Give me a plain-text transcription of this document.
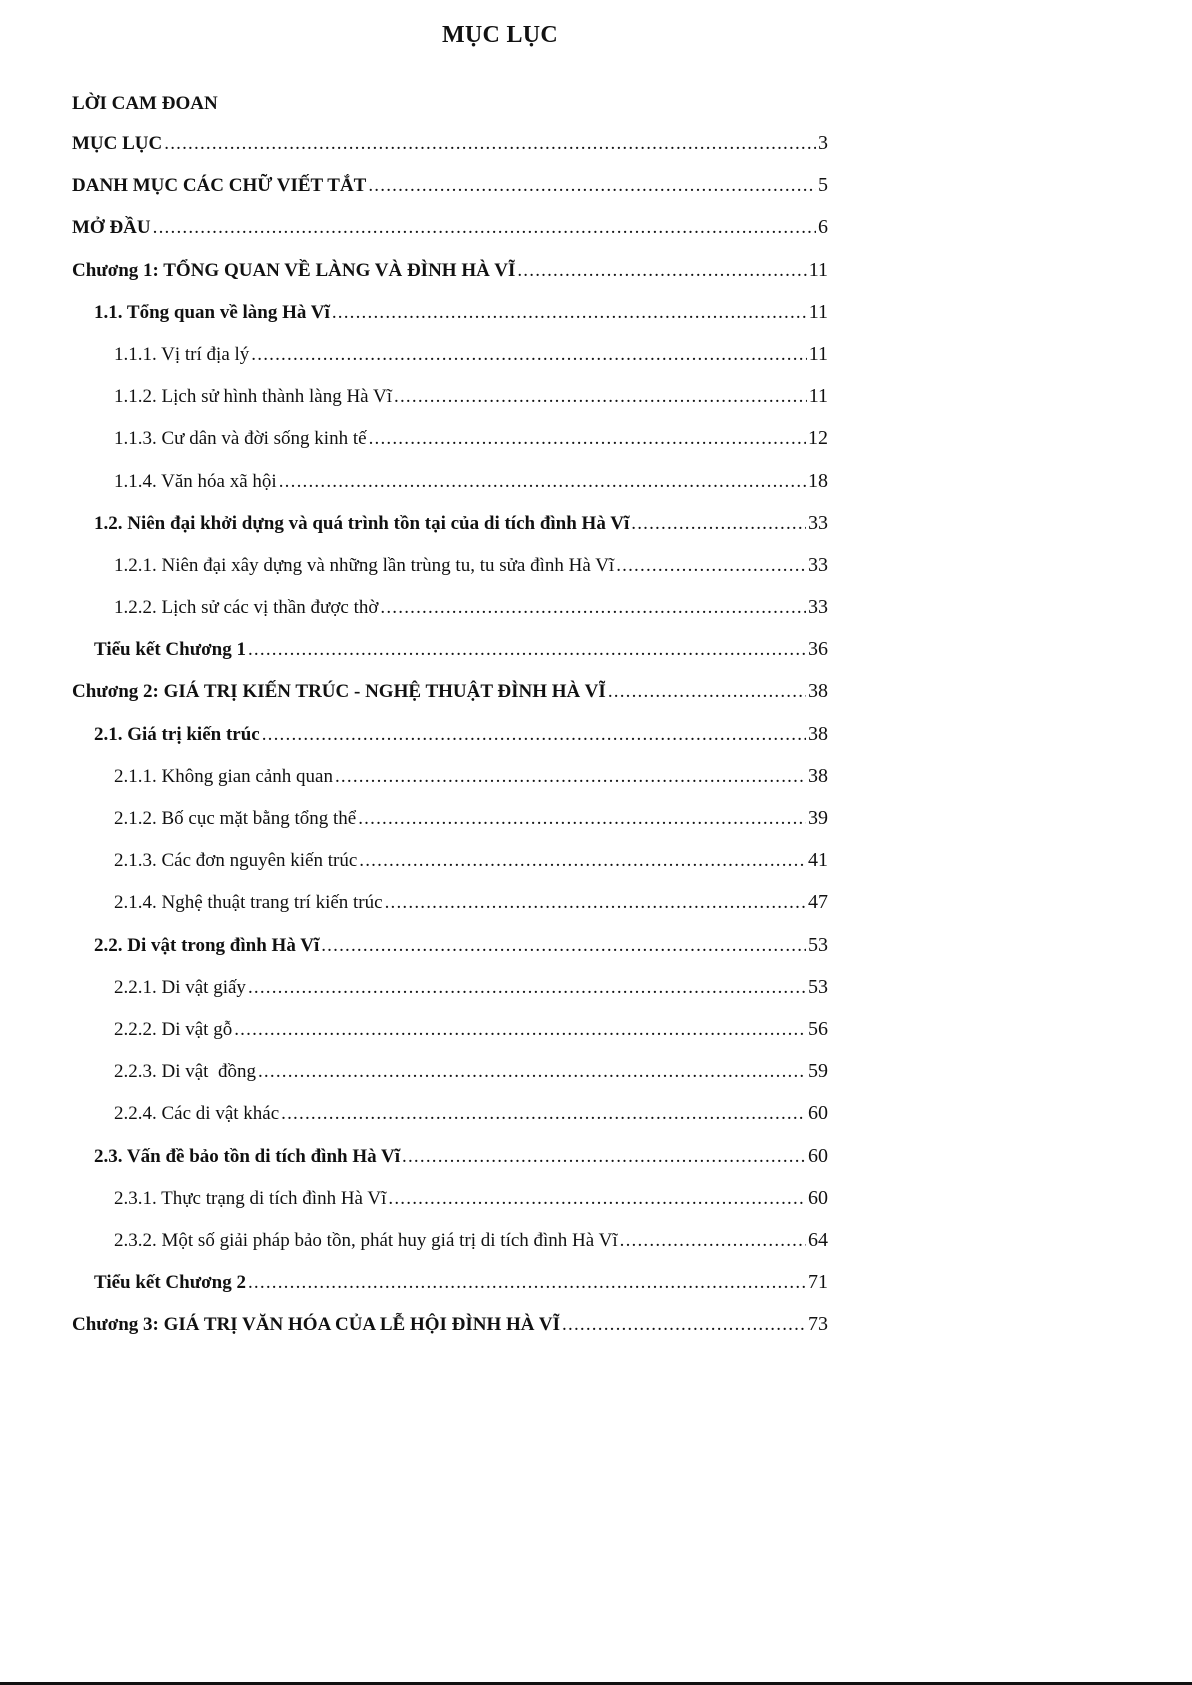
MỤC LỤC
LỜI CAM ĐOAN
MỤC LỤC .....	3
DANH MỤC CÁC CHỮ VIẾT TẮT .....	5
MỞ ĐẦU .....	6
Chương 1: TỔNG QUAN VỀ LÀNG VÀ ĐÌNH HÀ VĨ .....	11
1.1. Tổng quan về làng Hà Vĩ .....	11
1.1.1. Vị trí địa lý .....	11
1.1.2. Lịch sử hình thành làng Hà Vĩ .....	11
1.1.3. Cư dân và đời sống kinh tế .....	12
1.1.4. Văn hóa xã hội .....	18
1.2. Niên đại khởi dựng và quá trình tồn tại của di tích đình Hà Vĩ .....	33
1.2.1. Niên đại xây dựng và những lần trùng tu, tu sửa đình Hà Vĩ .....	33
1.2.2. Lịch sử các vị thần được thờ .....	33
Tiểu kết Chương 1 .....	36
Chương 2: GIÁ TRỊ KIẾN TRÚC - NGHỆ THUẬT ĐÌNH HÀ VĨ .....	38
2.1. Giá trị kiến trúc .....	38
2.1.1. Không gian cảnh quan .....	38
2.1.2. Bố cục mặt bằng tổng thể .....	39
2.1.3. Các đơn nguyên kiến trúc .....	41
2.1.4. Nghệ thuật trang trí kiến trúc .....	47
2.2. Di vật trong đình Hà Vĩ .....	53
2.2.1. Di vật giấy .....	53
2.2.2. Di vật gỗ .....	56
2.2.3. Di vật  đồng .....	59
2.2.4. Các di vật khác .....	60
2.3. Vấn đề bảo tồn di tích đình Hà Vĩ .....	60
2.3.1. Thực trạng di tích đình Hà Vĩ .....	60
2.3.2. Một số giải pháp bảo tồn, phát huy giá trị di tích đình Hà Vĩ .....	64
Tiểu kết Chương 2 .....	71
Chương 3: GIÁ TRỊ VĂN HÓA CỦA LỄ HỘI ĐÌNH HÀ VĨ .....	73
